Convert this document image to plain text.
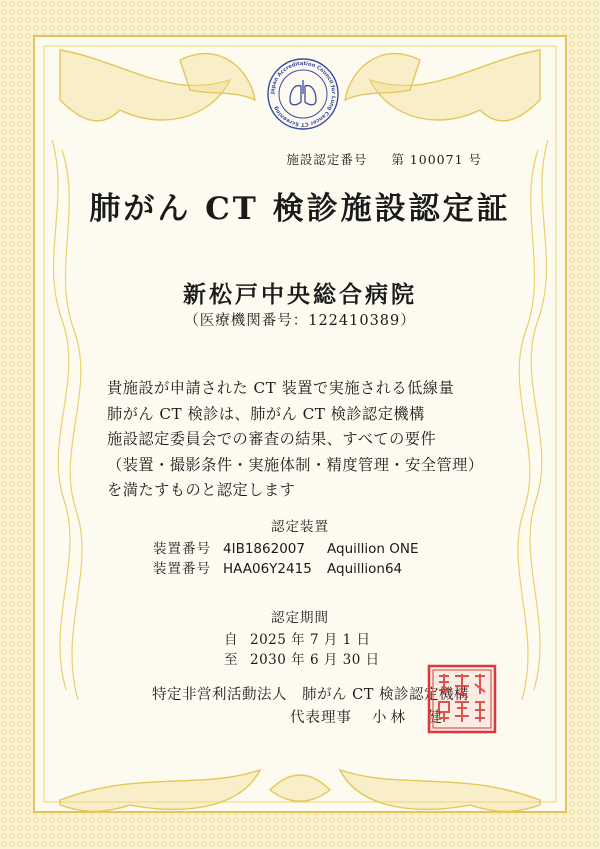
Japan Accreditation Council for Lung Cancer CT Screening
施設認定番号 第 100071 号
肺がん CT 検診施設認定証
新松戸中央総合病院
（医療機関番号：122410389）
貴施設が申請された CT 装置で実施される低線量
肺がん CT 検診は、肺がん CT 検診認定機構
施設認定委員会での審査の結果、すべての要件
（装置・撮影条件・実施体制・精度管理・安全管理）
を満たすものと認定します
認定装置
装置番号 4IB1862007 Aquillion ONE
装置番号 HAA06Y2415 Aquillion64
認定期間
自 2025 年 7 月 1 日
至 2030 年 6 月 30 日
特定非営利活動法人　肺がん CT 検診認定機構
代表理事 小林　健
